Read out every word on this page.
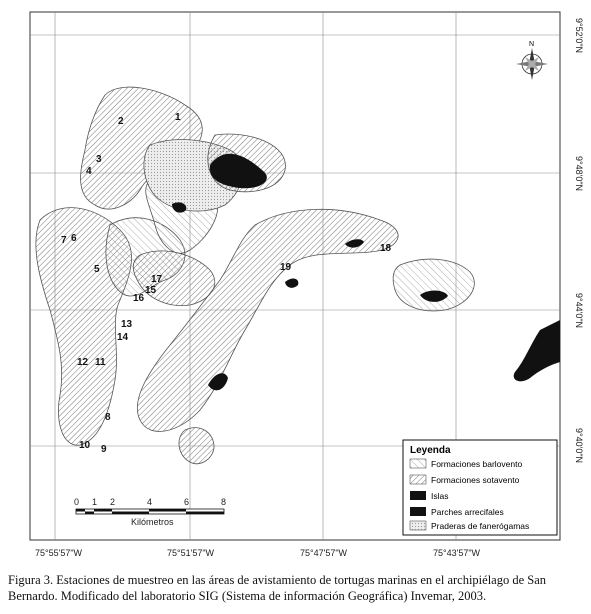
1
2
3
4
5
6
7
8
9
10
11
12
13
14
15
16
17
18
19
N
75°55'57"W	75°51'57"W	75°47'57"W	75°43'57"W
9°52'0"N
9°48'0"N
9°44'0"N
9°40'0"N
0 1 2	4	6	8
Kilómetros
Leyenda
Formaciones barlovento
Formaciones sotavento
Islas
Parches arrecifales
Praderas de fanerógamas
Figura 3. Estaciones de muestreo en las áreas de avistamiento de tortugas marinas en el archipiélago de San Bernardo. Modificado del laboratorio SIG (Sistema de información Geográfica) Invemar, 2003.
